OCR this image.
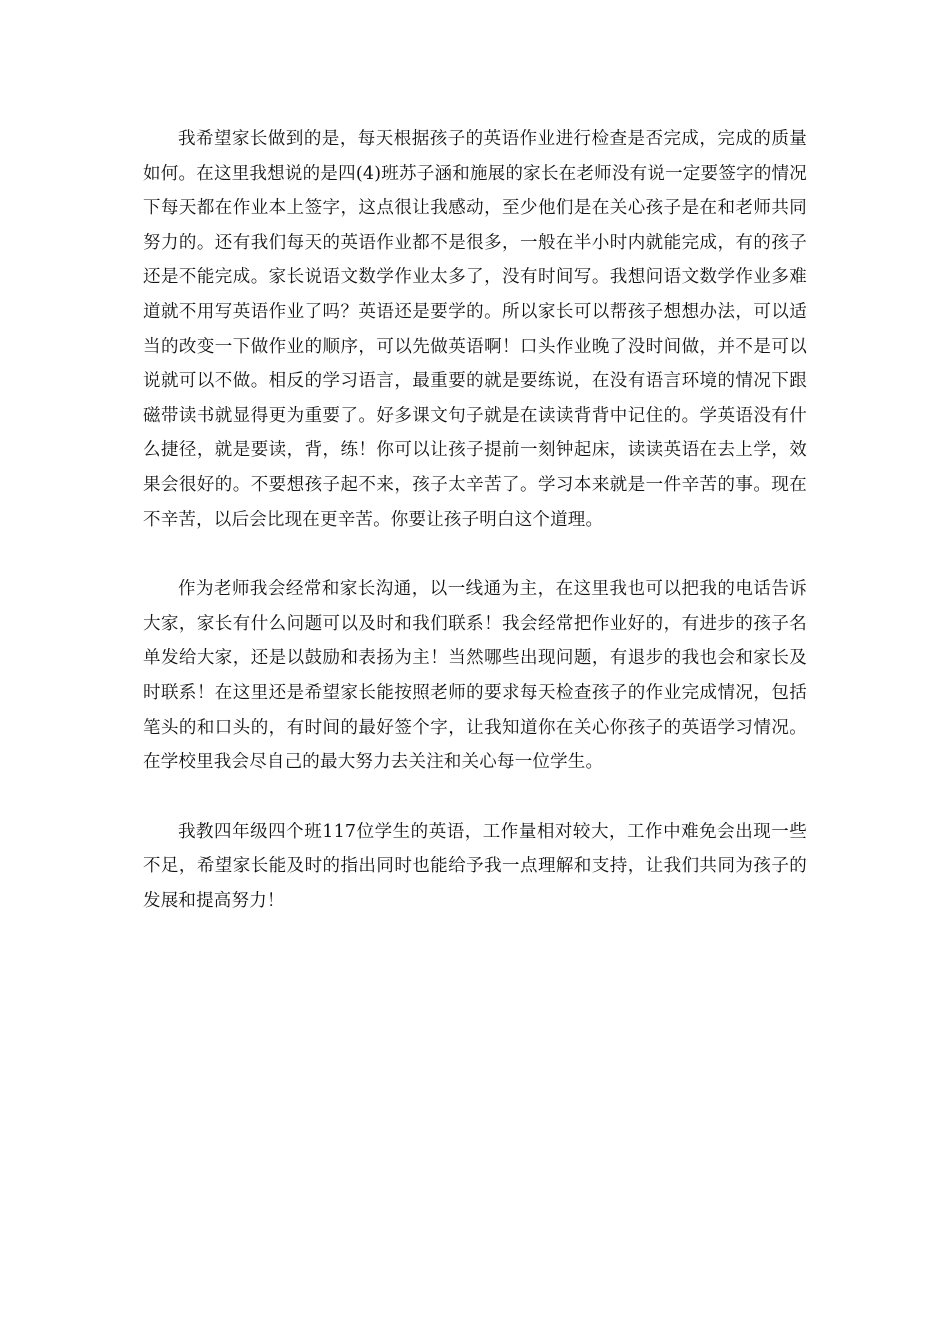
我希望家长做到的是，每天根据孩子的英语作业进行检查是否完成，完成的质量如何。在这里我想说的是四(4)班苏子涵和施展的家长在老师没有说一定要签字的情况下每天都在作业本上签字，这点很让我感动，至少他们是在关心孩子是在和老师共同努力的。还有我们每天的英语作业都不是很多，一般在半小时内就能完成，有的孩子还是不能完成。家长说语文数学作业太多了，没有时间写。我想问语文数学作业多难道就不用写英语作业了吗？英语还是要学的。所以家长可以帮孩子想想办法，可以适当的改变一下做作业的顺序，可以先做英语啊！口头作业晚了没时间做，并不是可以说就可以不做。相反的学习语言，最重要的就是要练说，在没有语言环境的情况下跟磁带读书就显得更为重要了。好多课文句子就是在读读背背中记住的。学英语没有什么捷径，就是要读，背，练！你可以让孩子提前一刻钟起床，读读英语在去上学，效果会很好的。不要想孩子起不来，孩子太辛苦了。学习本来就是一件辛苦的事。现在不辛苦，以后会比现在更辛苦。你要让孩子明白这个道理。

作为老师我会经常和家长沟通，以一线通为主，在这里我也可以把我的电话告诉大家，家长有什么问题可以及时和我们联系！我会经常把作业好的，有进步的孩子名单发给大家，还是以鼓励和表扬为主！当然哪些出现问题，有退步的我也会和家长及时联系！在这里还是希望家长能按照老师的要求每天检查孩子的作业完成情况，包括笔头的和口头的，有时间的最好签个字，让我知道你在关心你孩子的英语学习情况。在学校里我会尽自己的最大努力去关注和关心每一位学生。

我教四年级四个班117位学生的英语，工作量相对较大，工作中难免会出现一些不足，希望家长能及时的指出同时也能给予我一点理解和支持，让我们共同为孩子的发展和提高努力！
